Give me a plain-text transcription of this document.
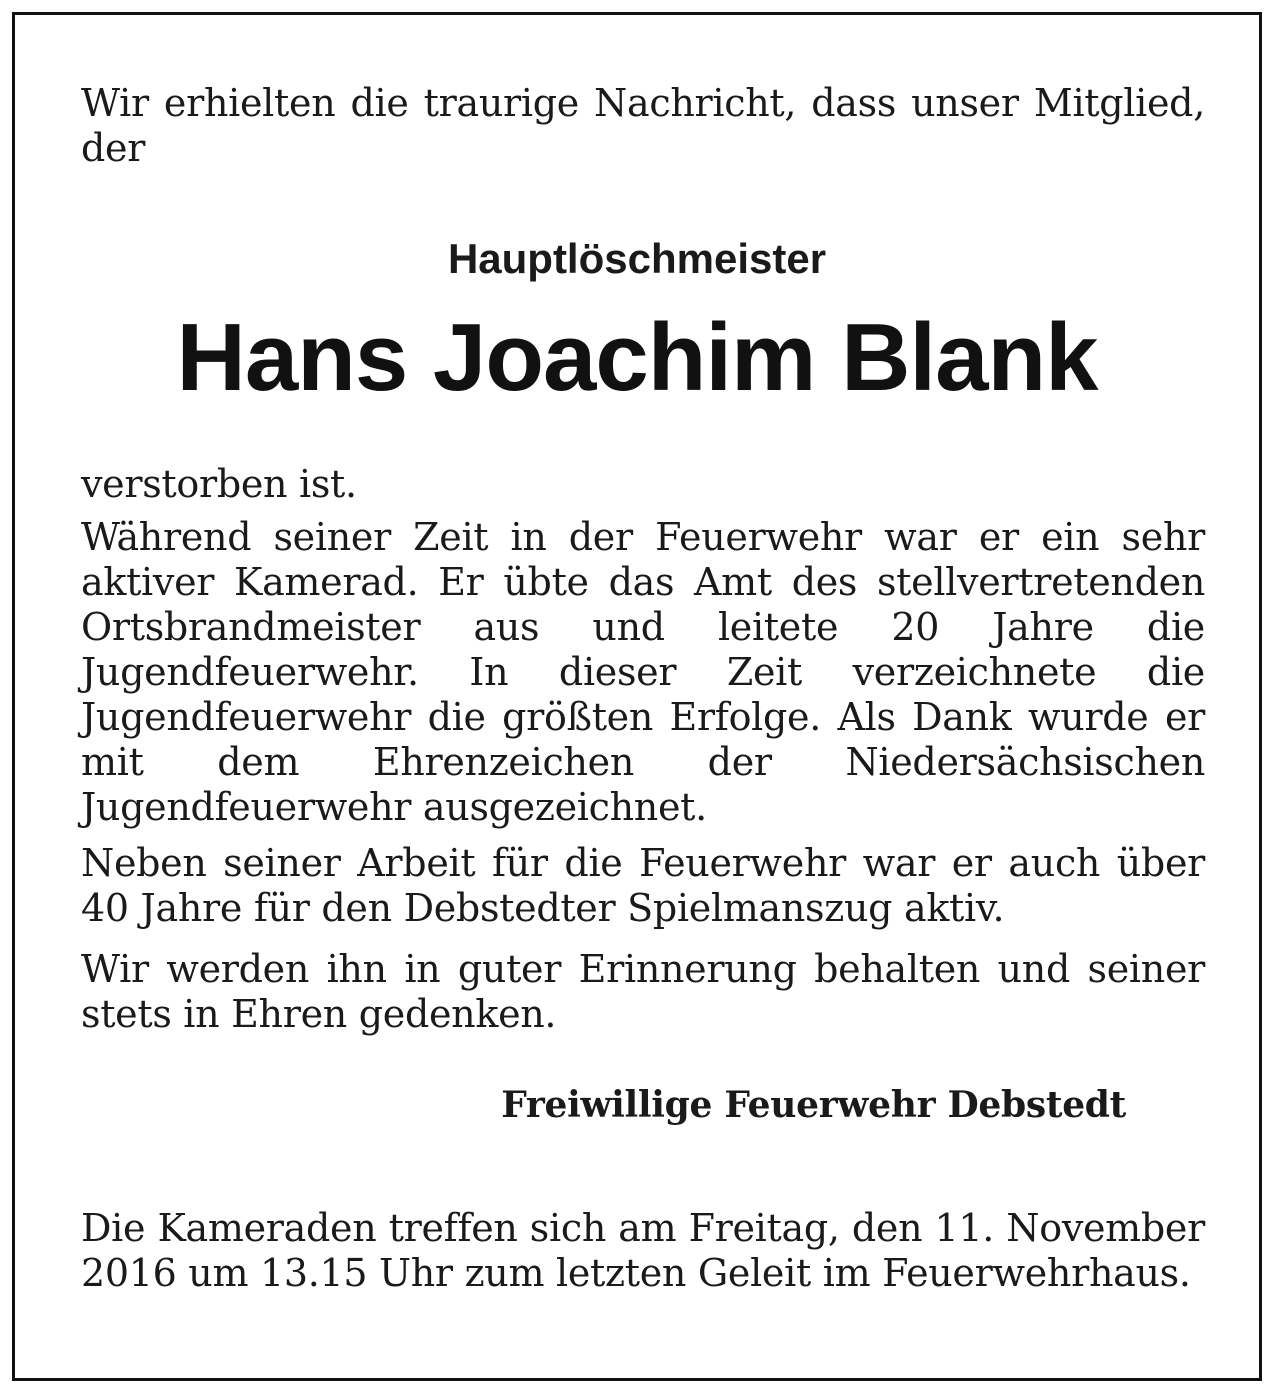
Wir erhielten die traurige Nachricht, dass unser Mitglied, der

Hauptlöschmeister
Hans Joachim Blank

verstorben ist.

Während seiner Zeit in der Feuerwehr war er ein sehr aktiver Kamerad. Er übte das Amt des stellvertretenden Ortsbrandmeister aus und leitete 20 Jahre die Jugendfeuerwehr. In dieser Zeit verzeichnete die Jugendfeuerwehr die größten Erfolge. Als Dank wurde er mit dem Ehrenzeichen der Niedersächsischen Jugendfeuerwehr ausgezeichnet.

Neben seiner Arbeit für die Feuerwehr war er auch über 40 Jahre für den Debstedter Spielmanszug aktiv.

Wir werden ihn in guter Erinnerung behalten und seiner stets in Ehren gedenken.

Freiwillige Feuerwehr Debstedt

Die Kameraden treffen sich am Freitag, den 11. November 2016 um 13.15 Uhr zum letzten Geleit im Feuerwehrhaus.
